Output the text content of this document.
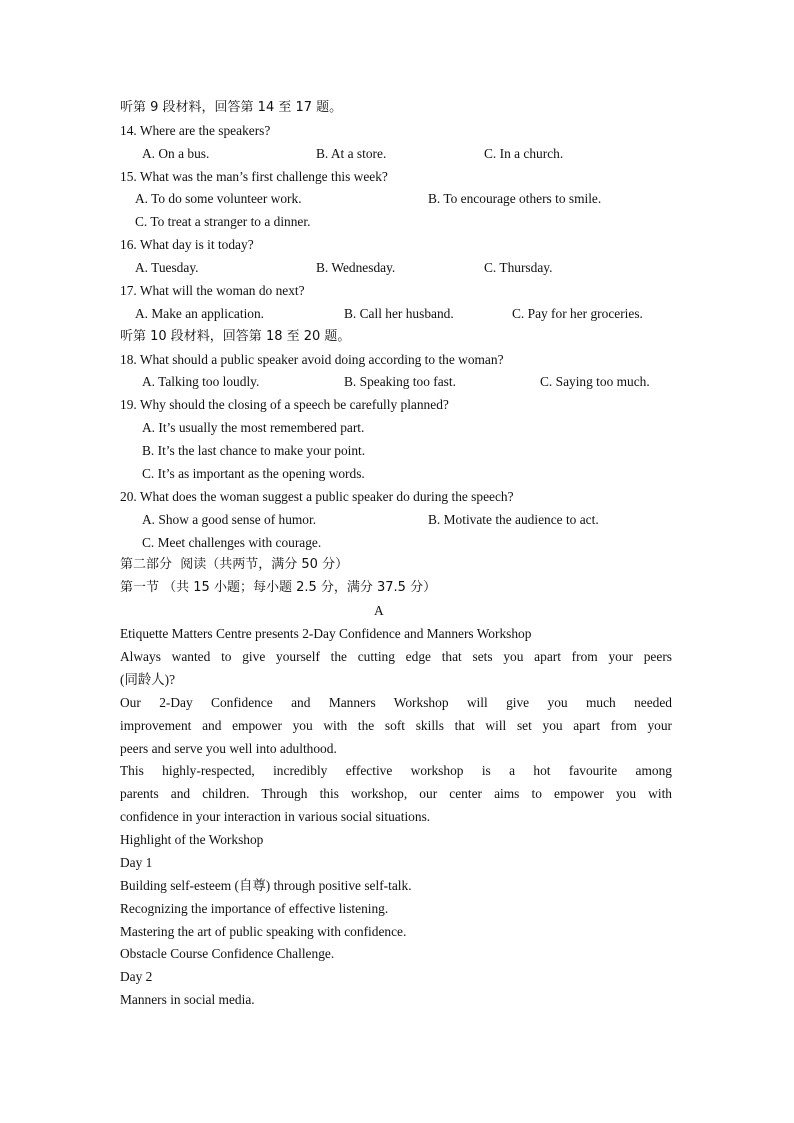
听第 9 段材料，回答第 14 至 17 题。
14. Where are the speakers?
A. On a bus.	B. At a store.	C. In a church.
15. What was the man’s first challenge this week?
A. To do some volunteer work.	B. To encourage others to smile.
C. To treat a stranger to a dinner.
16. What day is it today?
A. Tuesday.	B. Wednesday.	C. Thursday.
17. What will the woman do next?
A. Make an application.	B. Call her husband.	C. Pay for her groceries.
听第 10 段材料，回答第 18 至 20 题。
18. What should a public speaker avoid doing according to the woman?
A. Talking too loudly.	B. Speaking too fast.	C. Saying too much.
19. Why should the closing of a speech be carefully planned?
A. It’s usually the most remembered part.
B. It’s the last chance to make your point.
C. It’s as important as the opening words.
20. What does the woman suggest a public speaker do during the speech?
A. Show a good sense of humor.	B. Motivate the audience to act.
C. Meet challenges with courage.
第二部分  阅读（共两节，满分 50 分）
第一节 （共 15 小题；每小题 2.5 分，满分 37.5 分）
A
Etiquette Matters Centre presents 2-Day Confidence and Manners Workshop
Always wanted to give yourself the cutting edge that sets you apart from your peers
(同龄人)?
Our 2-Day Confidence and Manners Workshop will give you much needed
improvement and empower you with the soft skills that will set you apart from your
peers and serve you well into adulthood.
This highly-respected, incredibly effective workshop is a hot favourite among
parents and children. Through this workshop, our center aims to empower you with
confidence in your interaction in various social situations.
Highlight of the Workshop
Day 1
Building self-esteem (自尊) through positive self-talk.
Recognizing the importance of effective listening.
Mastering the art of public speaking with confidence.
Obstacle Course Confidence Challenge.
Day 2
Manners in social media.
